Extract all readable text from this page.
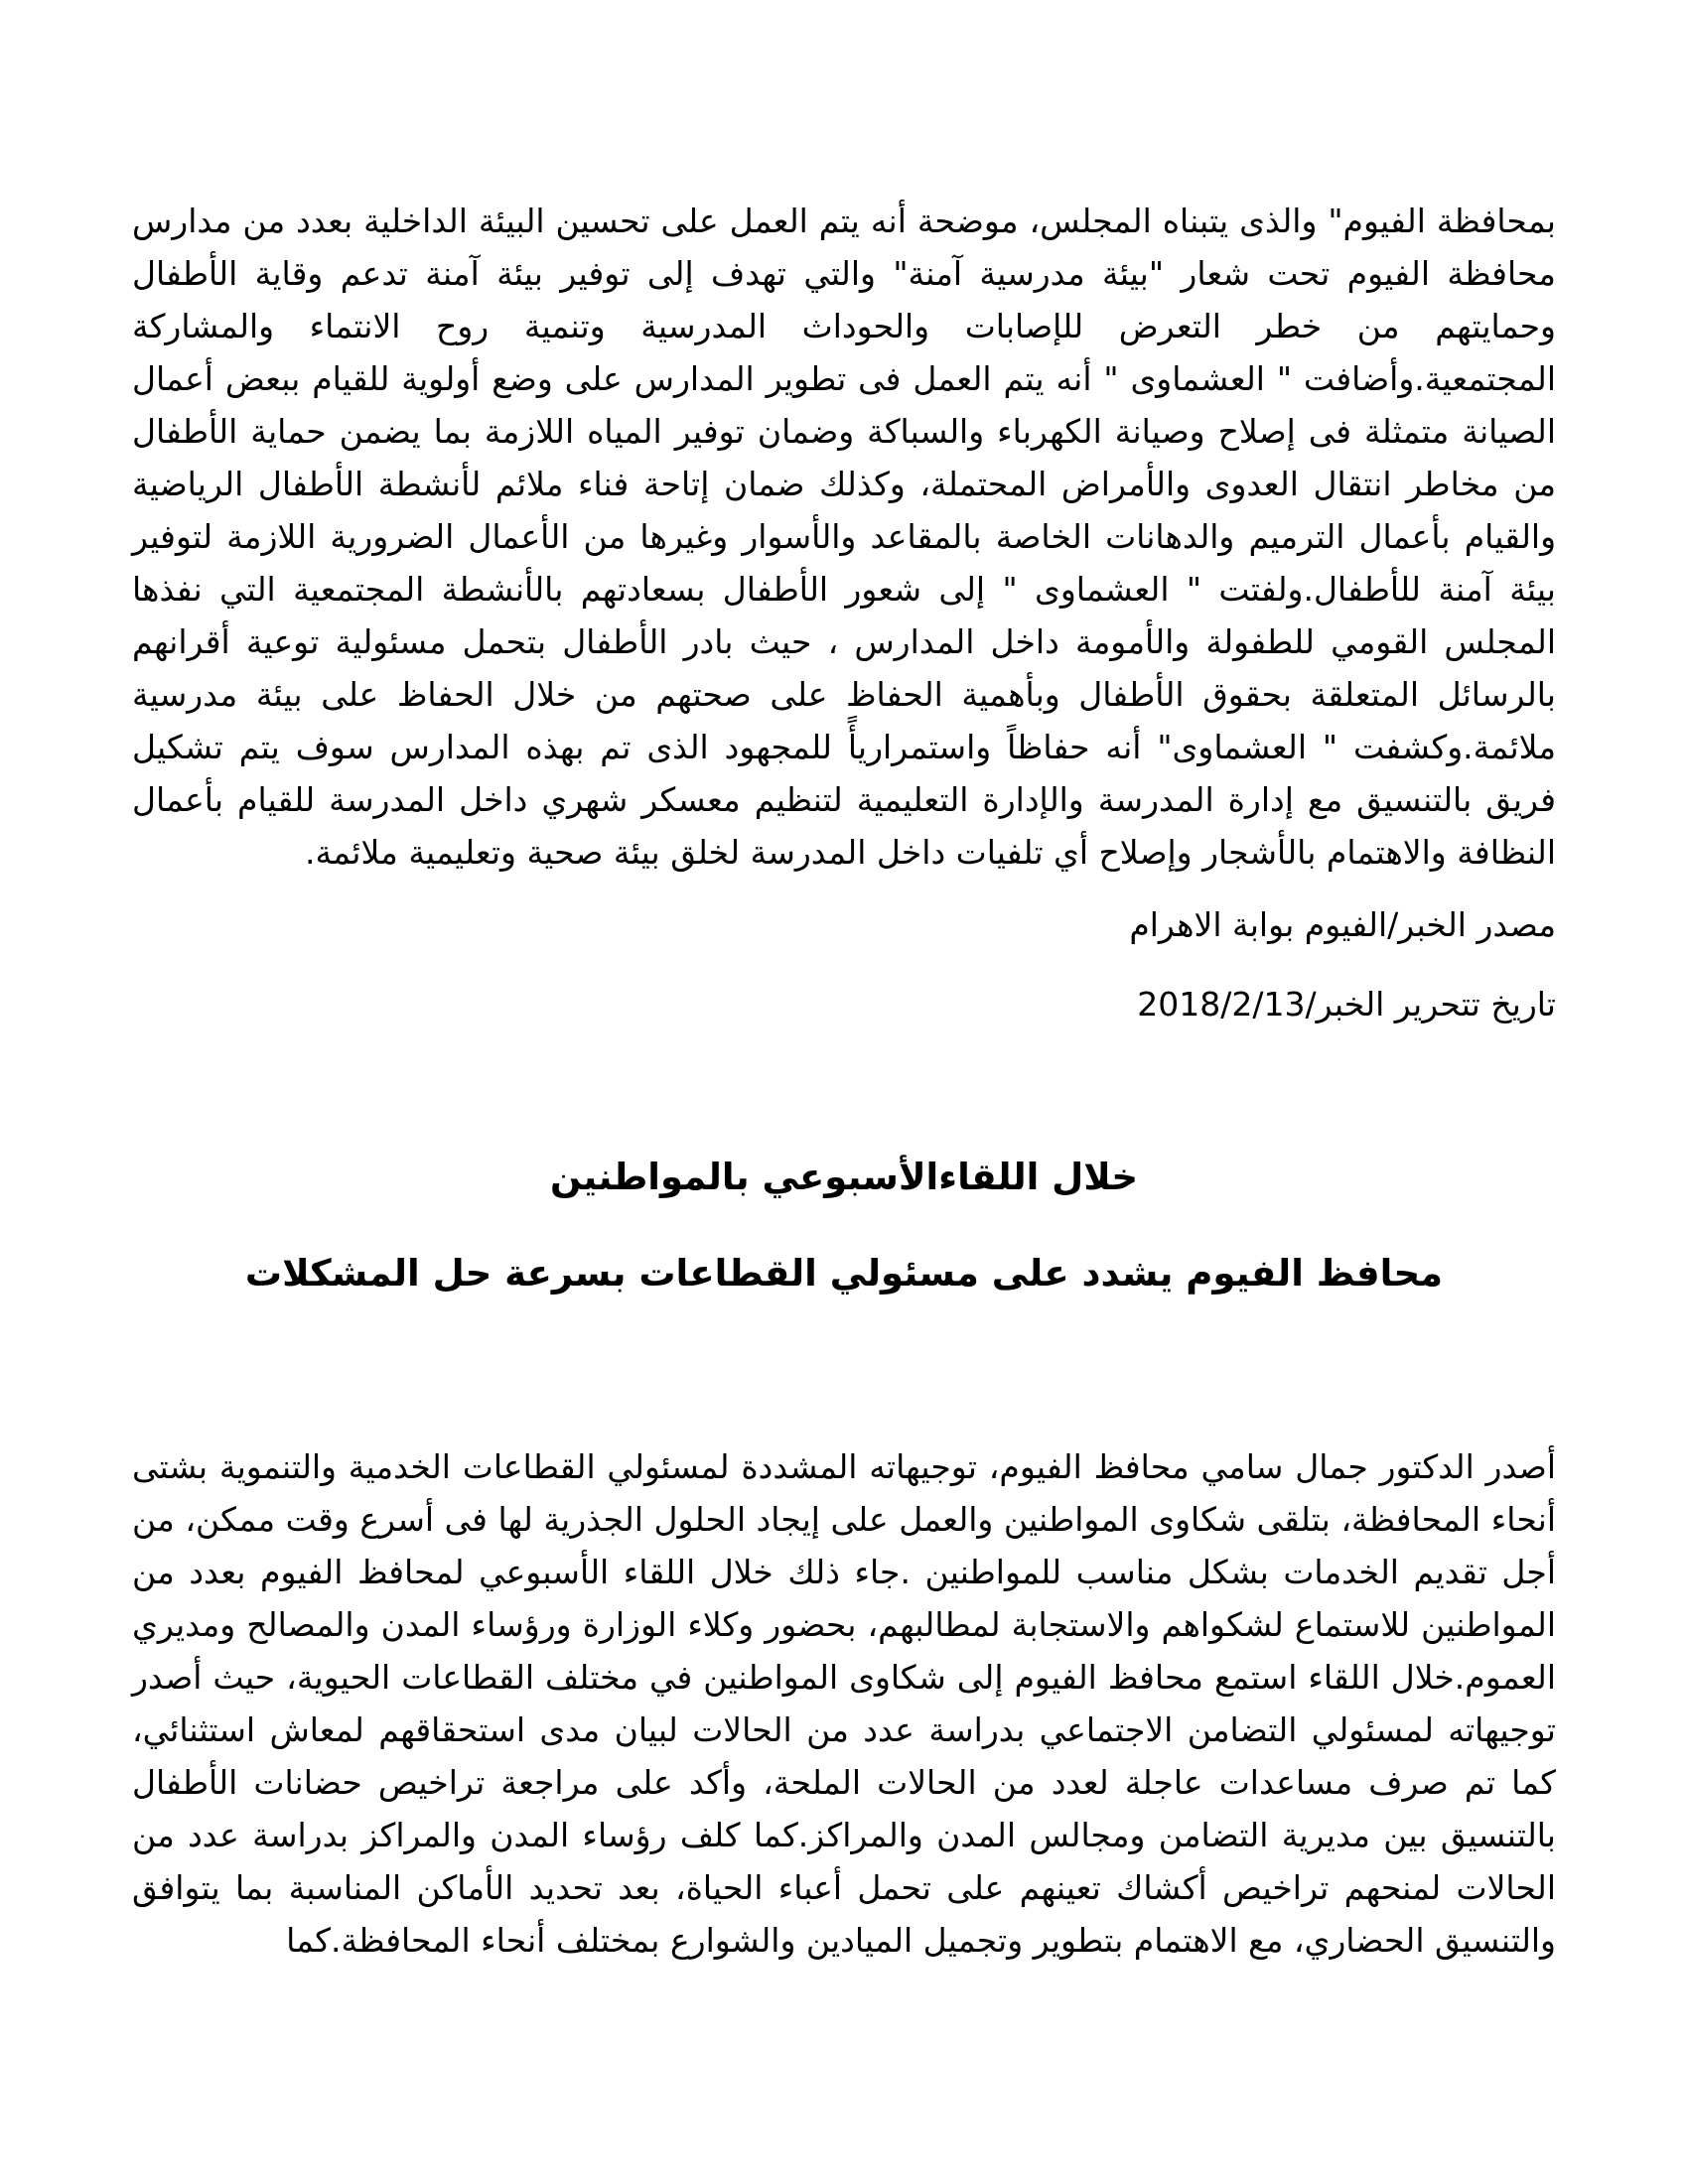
بمحافظة الفيوم" والذى يتبناه المجلس، موضحة أنه يتم العمل على تحسين البيئة الداخلية بعدد من مدارس محافظة الفيوم تحت شعار "بيئة مدرسية آمنة" والتي تهدف إلى توفير بيئة آمنة تدعم وقاية الأطفال وحمايتهم من خطر التعرض للإصابات والحوداث المدرسية وتنمية روح الانتماء والمشاركة المجتمعية.وأضافت " العشماوى " أنه يتم العمل فى تطوير المدارس على وضع أولوية للقيام ببعض أعمال الصيانة متمثلة فى إصلاح وصيانة الكهرباء والسباكة وضمان توفير المياه اللازمة بما يضمن حماية الأطفال من مخاطر انتقال العدوى والأمراض المحتملة، وكذلك ضمان إتاحة فناء ملائم لأنشطة الأطفال الرياضية والقيام بأعمال الترميم والدهانات الخاصة بالمقاعد والأسوار وغيرها من الأعمال الضرورية اللازمة لتوفير بيئة آمنة للأطفال.ولفتت " العشماوى " إلى شعور الأطفال بسعادتهم بالأنشطة المجتمعية التي نفذها المجلس القومي للطفولة والأمومة داخل المدارس ، حيث بادر الأطفال بتحمل مسئولية توعية أقرانهم بالرسائل المتعلقة بحقوق الأطفال وبأهمية الحفاظ على صحتهم من خلال الحفاظ على بيئة مدرسية ملائمة.وكشفت " العشماوى" أنه حفاظاً واستمراريأً للمجهود الذى تم بهذه المدارس سوف يتم تشكيل فريق بالتنسيق مع إدارة المدرسة والإدارة التعليمية لتنظيم معسكر شهري داخل المدرسة للقيام بأعمال النظافة والاهتمام بالأشجار وإصلاح أي تلفيات داخل المدرسة لخلق بيئة صحية وتعليمية ملائمة.
مصدر الخبر/الفيوم بوابة الاهرام
تاريخ تتحرير الخبر/2018/2/13
خلال اللقاءالأسبوعي بالمواطنين
محافظ الفيوم يشدد على مسئولي القطاعات بسرعة حل المشكلات
أصدر الدكتور جمال سامي محافظ الفيوم، توجيهاته المشددة لمسئولي القطاعات الخدمية والتنموية بشتى أنحاء المحافظة، بتلقى شكاوى المواطنين والعمل على إيجاد الحلول الجذرية لها فى أسرع وقت ممكن، من أجل تقديم الخدمات بشكل مناسب للمواطنين .جاء ذلك خلال اللقاء الأسبوعي لمحافظ الفيوم بعدد من المواطنين للاستماع لشكواهم والاستجابة لمطالبهم، بحضور وكلاء الوزارة ورؤساء المدن والمصالح ومديري العموم.خلال اللقاء استمع محافظ الفيوم إلى شكاوى المواطنين في مختلف القطاعات الحيوية، حيث أصدر توجيهاته لمسئولي التضامن الاجتماعي بدراسة عدد من الحالات لبيان مدى استحقاقهم لمعاش استثنائي، كما تم صرف مساعدات عاجلة لعدد من الحالات الملحة، وأكد على مراجعة تراخيص حضانات الأطفال بالتنسيق بين مديرية التضامن ومجالس المدن والمراكز.كما كلف رؤساء المدن والمراكز بدراسة عدد من الحالات لمنحهم تراخيص أكشاك تعينهم على تحمل أعباء الحياة، بعد تحديد الأماكن المناسبة بما يتوافق والتنسيق الحضاري، مع الاهتمام بتطوير وتجميل الميادين والشوارع بمختلف أنحاء المحافظة.كما
